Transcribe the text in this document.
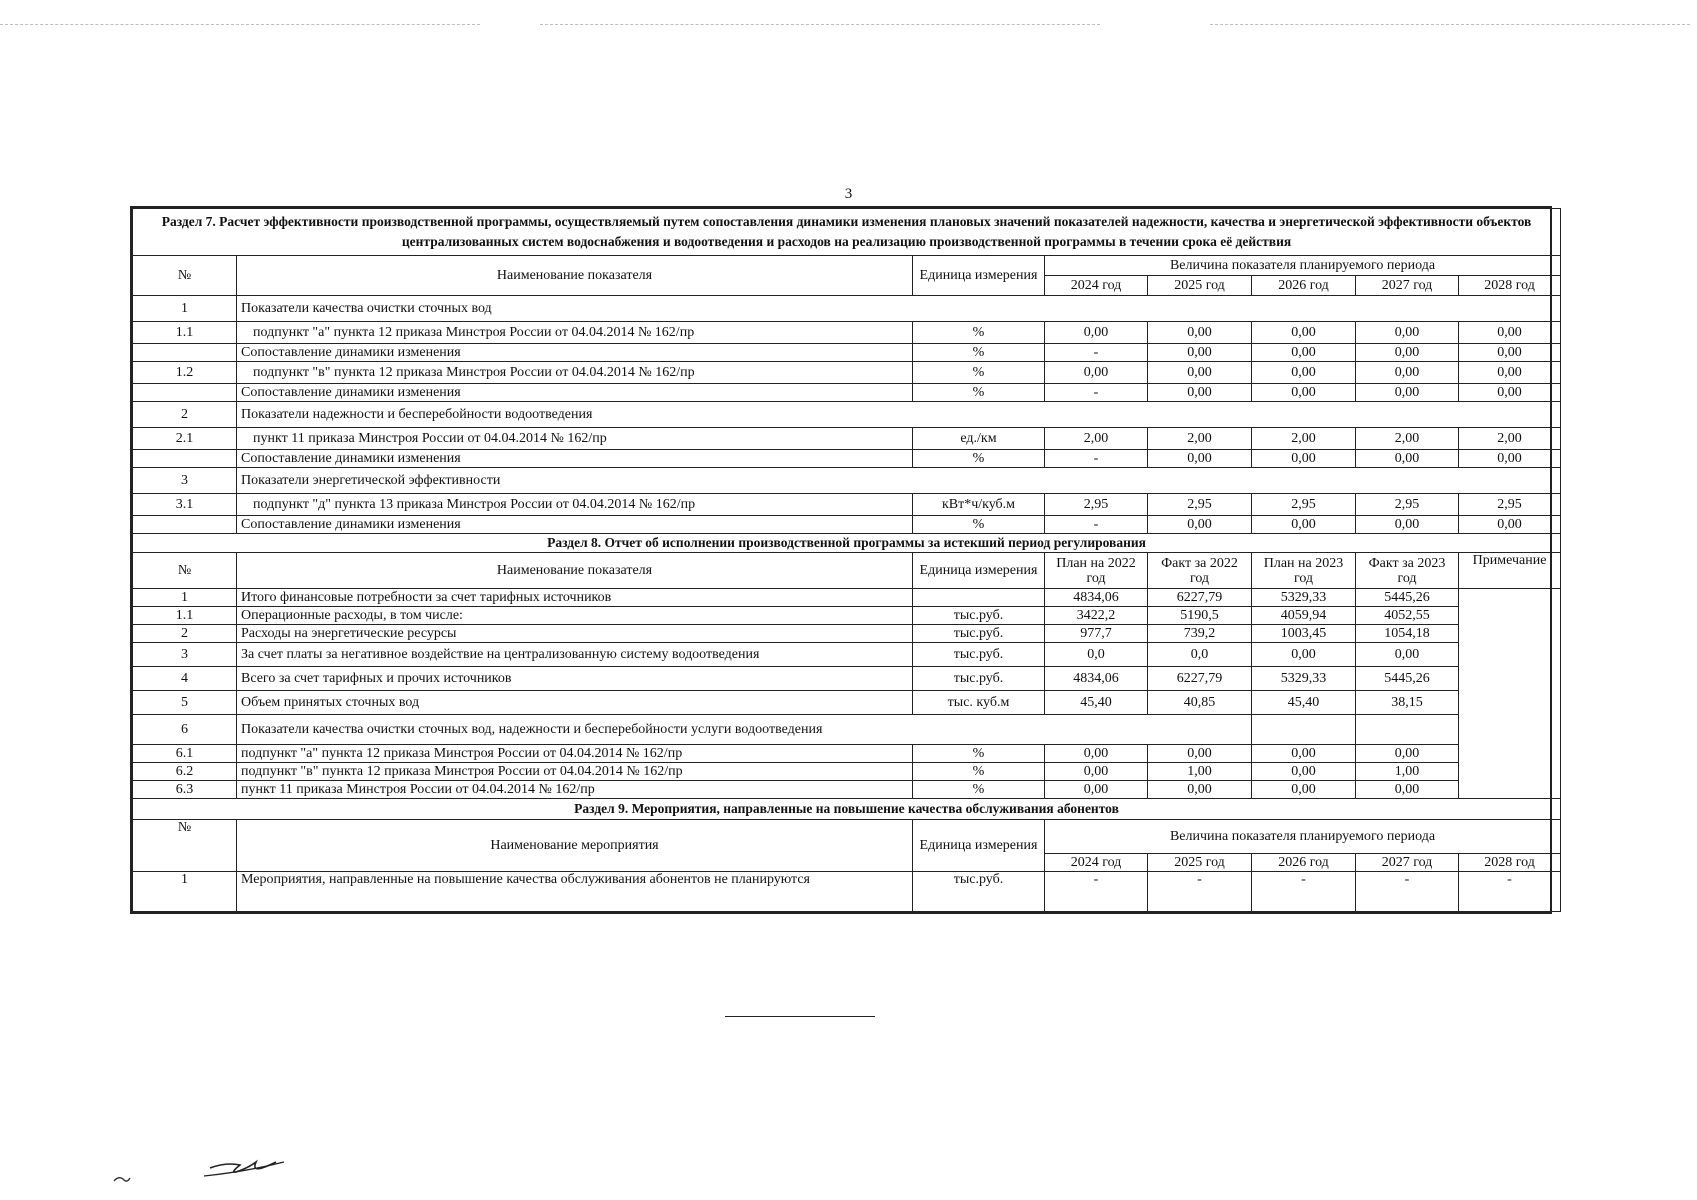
3
Раздел 7. Расчет эффективности производственной программы, осуществляемый путем сопоставления динамики изменения плановых значений показателей надежности, качества и энергетической эффективности объектов централизованных систем водоснабжения и водоотведения и расходов на реализацию производственной программы в течении срока её действия							
№	Наименование показателя	Единица измерения	Величина показателя планируемого периода				
			2024 год	2025 год	2026 год	2027 год	2028 год
1	Показатели качества очистки сточных вод						
1.1	подпункт "а" пункта 12 приказа Минстроя России от 04.04.2014 № 162/пр	%	0,00	0,00	0,00	0,00	0,00
	Сопоставление динамики изменения	%	-	0,00	0,00	0,00	0,00
1.2	подпункт "в" пункта 12 приказа Минстроя России от 04.04.2014 № 162/пр	%	0,00	0,00	0,00	0,00	0,00
	Сопоставление динамики изменения	%	-	0,00	0,00	0,00	0,00
2	Показатели надежности и бесперебойности водоотведения						
2.1	пункт 11 приказа Минстроя России от 04.04.2014 № 162/пр	ед./км	2,00	2,00	2,00	2,00	2,00
	Сопоставление динамики изменения	%	-	0,00	0,00	0,00	0,00
3	Показатели энергетической эффективности						
3.1	подпункт "д" пункта 13 приказа Минстроя России от 04.04.2014 № 162/пр	кВт*ч/куб.м	2,95	2,95	2,95	2,95	2,95
	Сопоставление динамики изменения	%	-	0,00	0,00	0,00	0,00
Раздел 8. Отчет об исполнении производственной программы за истекший период регулирования							
№	Наименование показателя	Единица измерения	План на 2022 год	Факт за 2022 год	План на 2023 год	Факт за 2023 год	Примечание
1	Итого финансовые потребности за счет тарифных источников		4834,06	6227,79	5329,33	5445,26	
1.1	Операционные расходы, в том числе:	тыс.руб.	3422,2	5190,5	4059,94	4052,55	
2	Расходы на энергетические ресурсы	тыс.руб.	977,7	739,2	1003,45	1054,18	
3	За счет платы за негативное воздействие на централизованную систему водоотведения	тыс.руб.	0,0	0,0	0,00	0,00	
4	Всего за счет тарифных и прочих источников	тыс.руб.	4834,06	6227,79	5329,33	5445,26	
5	Объем принятых сточных вод	тыс. куб.м	45,40	40,85	45,40	38,15	
6	Показатели качества очистки сточных вод, надежности и бесперебойности услуги водоотведения						
6.1	подпункт "а" пункта 12 приказа Минстроя России от 04.04.2014 № 162/пр	%	0,00	0,00	0,00	0,00	
6.2	подпункт "в" пункта 12 приказа Минстроя России от 04.04.2014 № 162/пр	%	0,00	1,00	0,00	1,00	
6.3	пункт 11 приказа Минстроя России от 04.04.2014 № 162/пр	%	0,00	0,00	0,00	0,00	
Раздел 9. Мероприятия, направленные на повышение качества обслуживания абонентов							
№	Наименование мероприятия	Единица измерения	Величина показателя планируемого периода				
			2024 год	2025 год	2026 год	2027 год	2028 год
1	Мероприятия, направленные на повышение качества обслуживания абонентов не планируются	тыс.руб.	-	-	-	-	-
